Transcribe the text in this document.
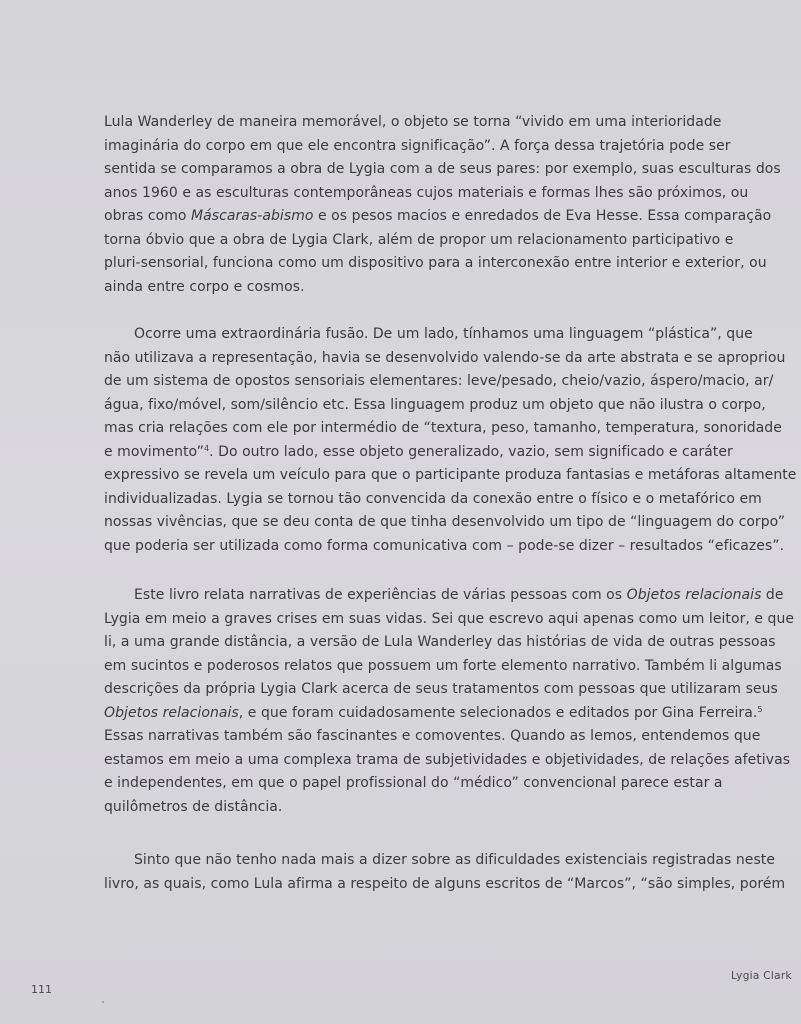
Lula Wanderley de maneira memorável, o objeto se torna “vivido em uma interioridade
imaginária do corpo em que ele encontra significação”. A força dessa trajetória pode ser
sentida se comparamos a obra de Lygia com a de seus pares: por exemplo, suas esculturas dos
anos 1960 e as esculturas contemporâneas cujos materiais e formas lhes são próximos, ou
obras como Máscaras-abismo e os pesos macios e enredados de Eva Hesse. Essa comparação
torna óbvio que a obra de Lygia Clark, além de propor um relacionamento participativo e
pluri-sensorial, funciona como um dispositivo para a interconexão entre interior e exterior, ou
ainda entre corpo e cosmos.

Ocorre uma extraordinária fusão. De um lado, tínhamos uma linguagem “plástica”, que
não utilizava a representação, havia se desenvolvido valendo-se da arte abstrata e se apropriou
de um sistema de opostos sensoriais elementares: leve/pesado, cheio/vazio, áspero/macio, ar/
água, fixo/móvel, som/silêncio etc. Essa linguagem produz um objeto que não ilustra o corpo,
mas cria relações com ele por intermédio de “textura, peso, tamanho, temperatura, sonoridade
e movimento”$^4$. Do outro lado, esse objeto generalizado, vazio, sem significado e caráter
expressivo se revela um veículo para que o participante produza fantasias e metáforas altamente
individualizadas. Lygia se tornou tão convencida da conexão entre o físico e o metafórico em
nossas vivências, que se deu conta de que tinha desenvolvido um tipo de “linguagem do corpo”
que poderia ser utilizada como forma comunicativa com – pode-se dizer – resultados “eficazes”.

Este livro relata narrativas de experiências de várias pessoas com os Objetos relacionais de
Lygia em meio a graves crises em suas vidas. Sei que escrevo aqui apenas como um leitor, e que
li, a uma grande distância, a versão de Lula Wanderley das histórias de vida de outras pessoas
em sucintos e poderosos relatos que possuem um forte elemento narrativo. Também li algumas
descrições da própria Lygia Clark acerca de seus tratamentos com pessoas que utilizaram seus
Objetos relacionais, e que foram cuidadosamente selecionados e editados por Gina Ferreira.$^5$
Essas narrativas também são fascinantes e comoventes. Quando as lemos, entendemos que
estamos em meio a uma complexa trama de subjetividades e objetividades, de relações afetivas
e independentes, em que o papel profissional do “médico” convencional parece estar a
quilômetros de distância.

Sinto que não tenho nada mais a dizer sobre as dificuldades existenciais registradas neste
livro, as quais, como Lula afirma a respeito de alguns escritos de “Marcos”, “são simples, porém

111
Lygia Clark
